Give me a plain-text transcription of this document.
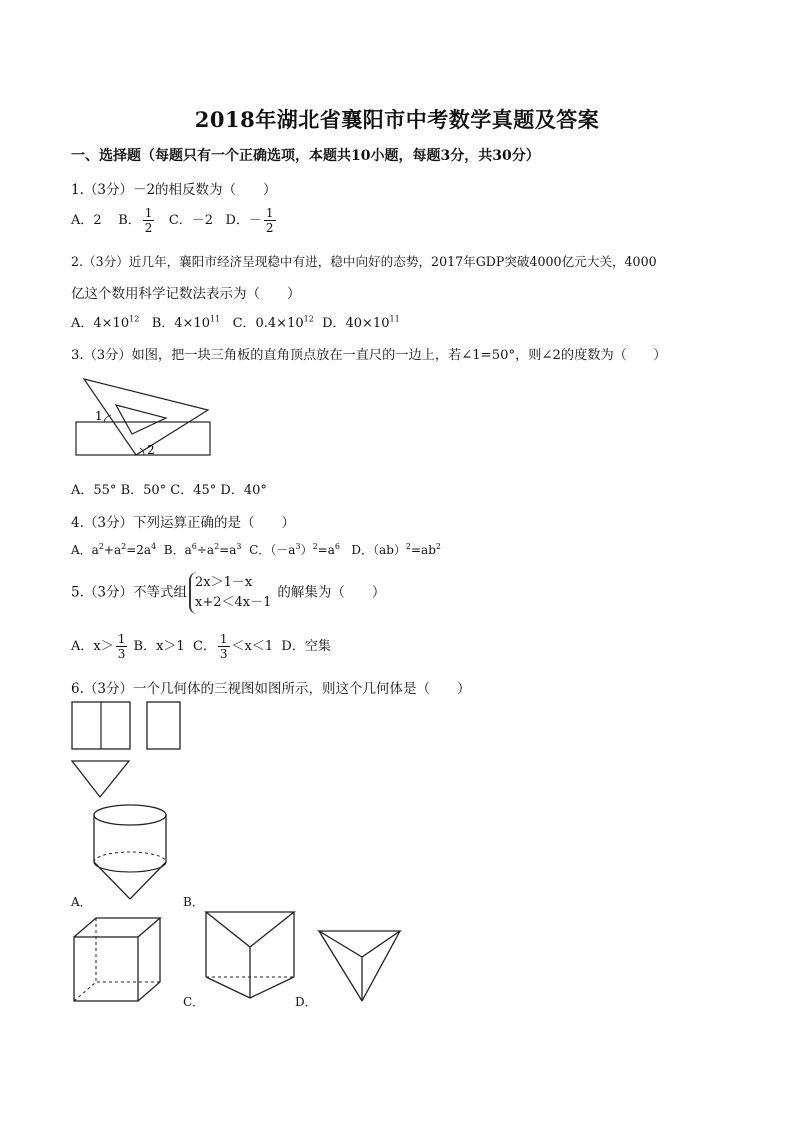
2018年湖北省襄阳市中考数学真题及答案
一、选择题（每题只有一个正确选项，本题共10小题，每题3分，共30分）
1.（3分）－2的相反数为（　　）
A．2 B． $\frac{1}{2}$ C．－2 D．－ $\frac{1}{2}$
2.（3分）近几年，襄阳市经济呈现稳中有进，稳中向好的态势，2017年GDP突破4000亿元大关，4000
亿这个数用科学记数法表示为（　　）
A．$4\times 10^{12}$ B．$4\times 10^{11}$ C．$0.4\times 10^{12}$ D．$40\times 10^{11}$
3.（3分）如图，把一块三角板的直角顶点放在一直尺的一边上，若∠1=50°，则∠2的度数为（　　）
1
2
A．55° B．50° C．45° D．40°
4.（3分）下列运算正确的是（　　）
A．$a^2+a^2=2a^4$  B．$a^6\div a^2=a^3$  C．$(-a^3)^2=a^6$   D．$(ab)^2=ab^2$
5.（3分）不等式组
2x＞1－x
x+2＜4x－1
的解集为（　　）
A．$x> \frac{1}{3}$ B．x＞1 C． $\frac{1}{3} <x<1$ D．空集
6.（3分）一个几何体的三视图如图所示，则这个几何体是（　　）
A．	B．
C．	D．
